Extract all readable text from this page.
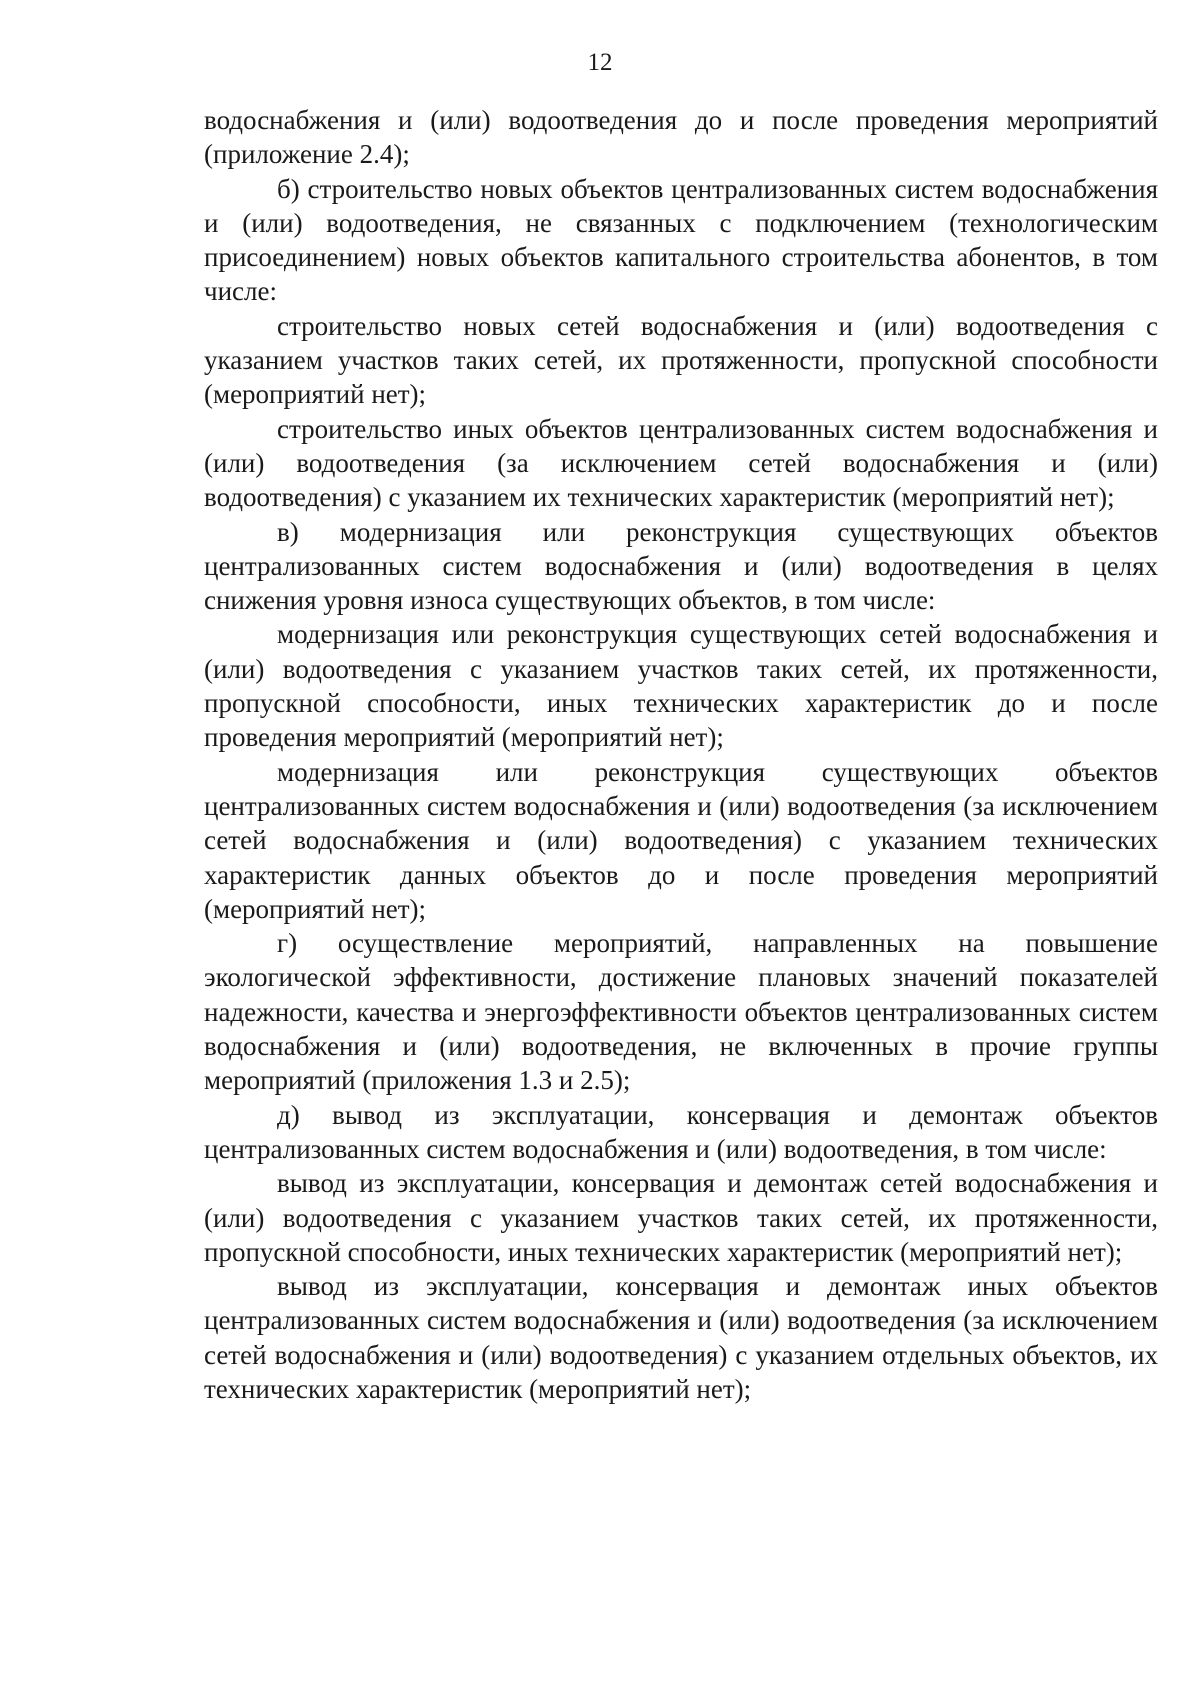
12

водоснабжения и (или) водоотведения до и после проведения мероприятий (приложение 2.4);

б) строительство новых объектов централизованных систем водоснабжения и (или) водоотведения, не связанных с подключением (технологическим присоединением) новых объектов капитального строительства абонентов, в том числе:

строительство новых сетей водоснабжения и (или) водоотведения с указанием участков таких сетей, их протяженности, пропускной способности (мероприятий нет);

строительство иных объектов централизованных систем водоснабжения и (или) водоотведения (за исключением сетей водоснабжения и (или) водоотведения) с указанием их технических характеристик (мероприятий нет);

в) модернизация или реконструкция существующих объектов централизованных систем водоснабжения и (или) водоотведения в целях снижения уровня износа существующих объектов, в том числе:

модернизация или реконструкция существующих сетей водоснабжения и (или) водоотведения с указанием участков таких сетей, их протяженности, пропускной способности, иных технических характеристик до и после проведения мероприятий (мероприятий нет);

модернизация или реконструкция существующих объектов централизованных систем водоснабжения и (или) водоотведения (за исключением сетей водоснабжения и (или) водоотведения) с указанием технических характеристик данных объектов до и после проведения мероприятий (мероприятий нет);

г) осуществление мероприятий, направленных на повышение экологической эффективности, достижение плановых значений показателей надежности, качества и энергоэффективности объектов централизованных систем водоснабжения и (или) водоотведения, не включенных в прочие группы мероприятий (приложения 1.3 и 2.5);

д) вывод из эксплуатации, консервация и демонтаж объектов централизованных систем водоснабжения и (или) водоотведения, в том числе:

вывод из эксплуатации, консервация и демонтаж сетей водоснабжения и (или) водоотведения с указанием участков таких сетей, их протяженности, пропускной способности, иных технических характеристик (мероприятий нет);

вывод из эксплуатации, консервация и демонтаж иных объектов централизованных систем водоснабжения и (или) водоотведения (за исключением сетей водоснабжения и (или) водоотведения) с указанием отдельных объектов, их технических характеристик (мероприятий нет);
